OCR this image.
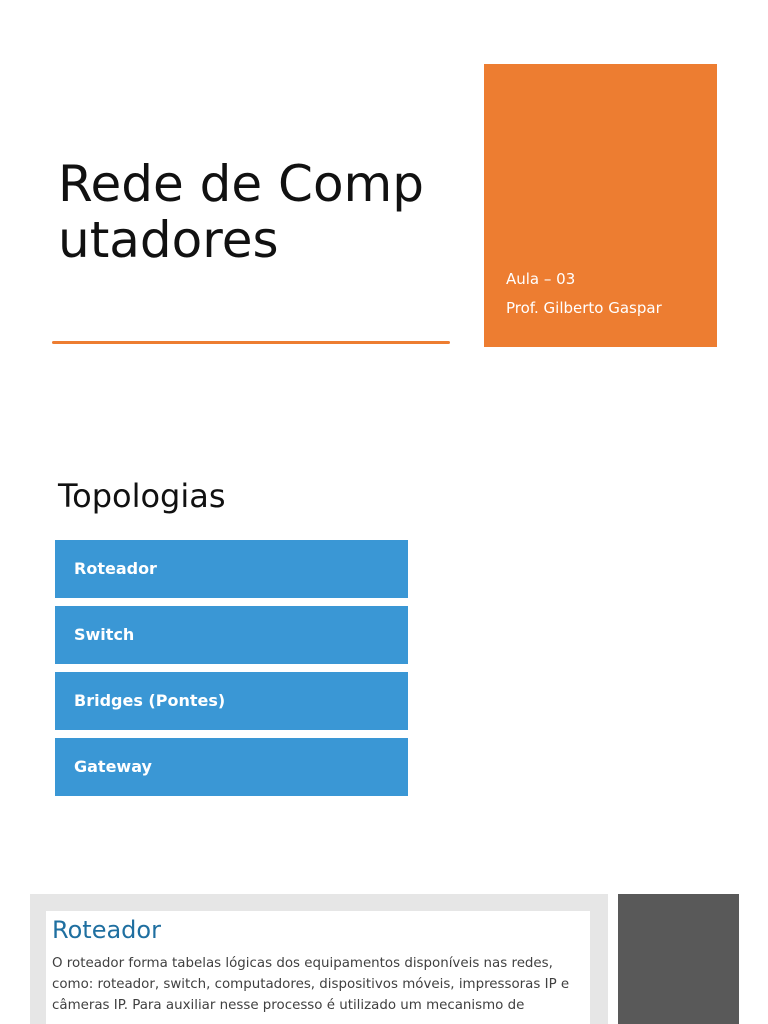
Rede de Computadores
Aula – 03
Prof. Gilberto Gaspar
Topologias
Roteador
Switch
Bridges (Pontes)
Gateway
Roteador
O roteador forma tabelas lógicas dos equipamentos disponíveis nas redes,
como: roteador, switch, computadores, dispositivos móveis, impressoras IP e
câmeras IP. Para auxiliar nesse processo é utilizado um mecanismo de
